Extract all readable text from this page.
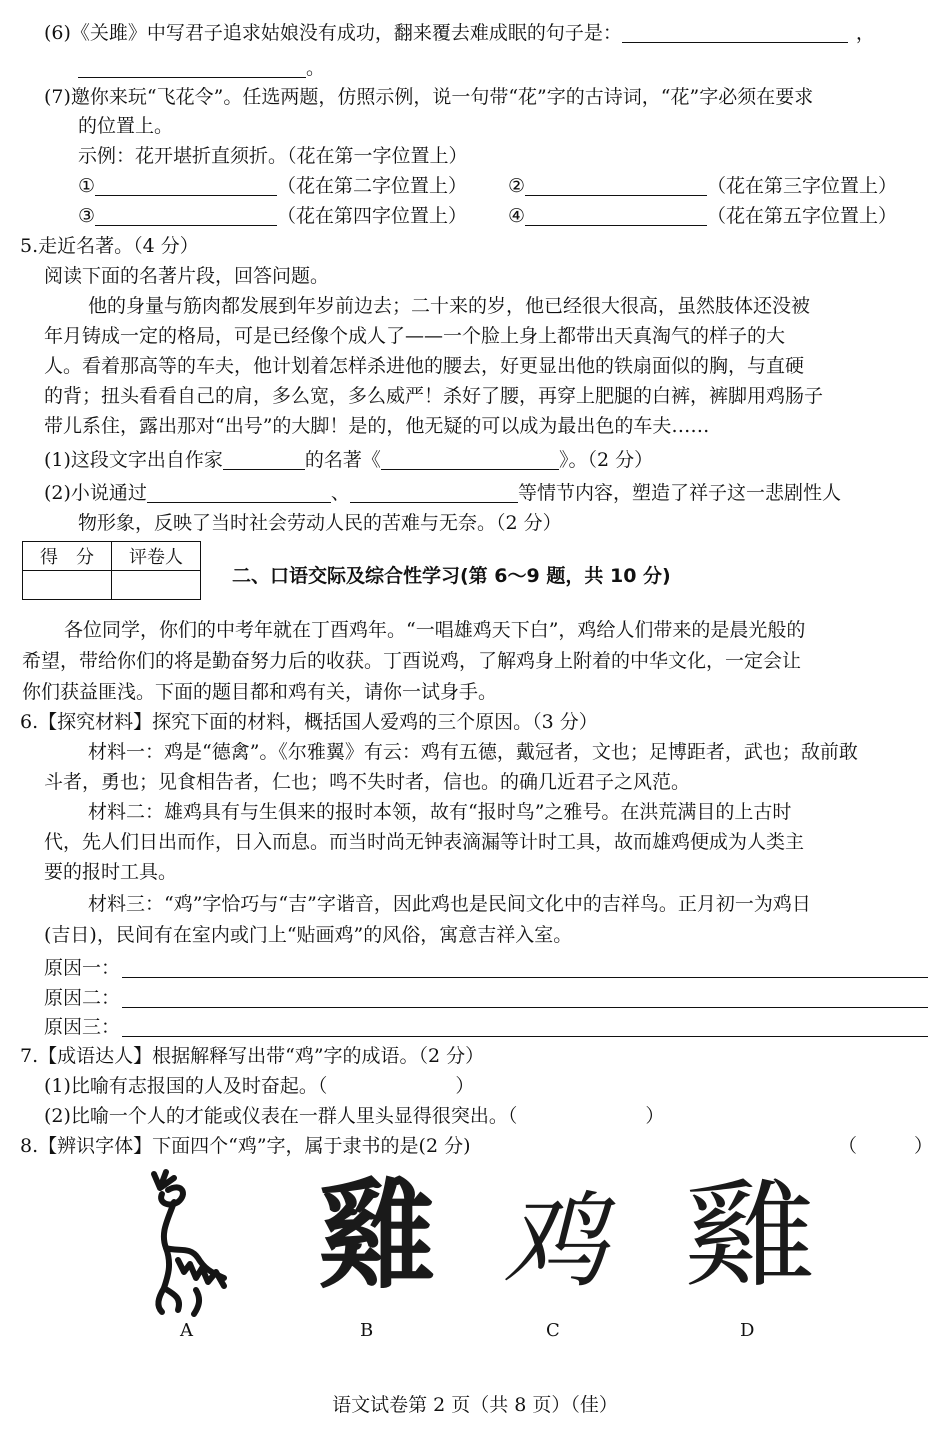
(6)《关雎》中写君子追求姑娘没有成功，翻来覆去难成眠的句子是：	，
。
(7)邀你来玩“飞花令”。任选两题，仿照示例，说一句带“花”字的古诗词，“花”字必须在要求
的位置上。
示例：花开堪折直须折。（花在第一字位置上）
①	（花在第二字位置上） ②	（花在第三字位置上）
③	（花在第四字位置上） ④	（花在第五字位置上）
5.走近名著。（4 分）
阅读下面的名著片段，回答问题。
他的身量与筋肉都发展到年岁前边去；二十来的岁，他已经很大很高，虽然肢体还没被
年月铸成一定的格局，可是已经像个成人了——一个脸上身上都带出天真淘气的样子的大
人。看着那高等的车夫，他计划着怎样杀进他的腰去，好更显出他的铁扇面似的胸，与直硬
的背；扭头看看自己的肩，多么宽，多么威严！杀好了腰，再穿上肥腿的白裤，裤脚用鸡肠子
带儿系住，露出那对“出号”的大脚！是的，他无疑的可以成为最出色的车夫……
(1)这段文字出自作家	的名著《	》。（2 分）
(2)小说通过	、	等情节内容，塑造了祥子这一悲剧性人
物形象，反映了当时社会劳动人民的苦难与无奈。（2 分）
得　分	评卷人

二、口语交际及综合性学习(第 6～9 题，共 10 分)
各位同学，你们的中考年就在丁酉鸡年。“一唱雄鸡天下白”，鸡给人们带来的是晨光般的
希望，带给你们的将是勤奋努力后的收获。丁酉说鸡，了解鸡身上附着的中华文化，一定会让
你们获益匪浅。下面的题目都和鸡有关，请你一试身手。
6.【探究材料】探究下面的材料，概括国人爱鸡的三个原因。（3 分）
材料一：鸡是“德禽”。《尔雅翼》有云：鸡有五德，戴冠者，文也；足博距者，武也；敌前敢
斗者，勇也；见食相告者，仁也；鸣不失时者，信也。的确几近君子之风范。
材料二：雄鸡具有与生俱来的报时本领，故有“报时鸟”之雅号。在洪荒满目的上古时
代，先人们日出而作，日入而息。而当时尚无钟表滴漏等计时工具，故而雄鸡便成为人类主
要的报时工具。
材料三：“鸡”字恰巧与“吉”字谐音，因此鸡也是民间文化中的吉祥鸟。正月初一为鸡日
(吉日)，民间有在室内或门上“贴画鸡”的风俗，寓意吉祥入室。
原因一：
原因二：
原因三：
7.【成语达人】根据解释写出带“鸡”字的成语。（2 分）
(1)比喻有志报国的人及时奋起。（	）
(2)比喻一个人的才能或仪表在一群人里头显得很突出。（	）
8.【辨识字体】下面四个“鸡”字，属于隶书的是(2 分)	（　　　）
雞 鸡 雞
A	B	C	D
语文试卷第 2 页（共 8 页）（佳）
